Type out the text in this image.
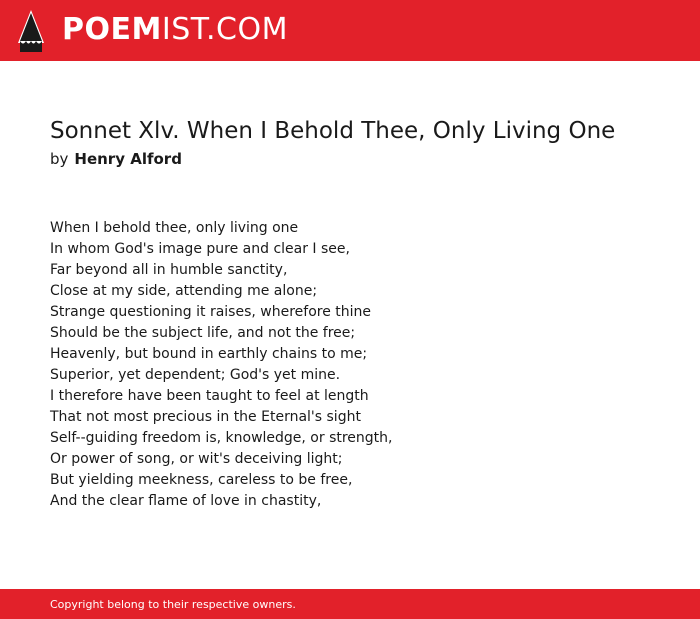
POEMIST.COM
Sonnet Xlv. When I Behold Thee, Only Living One
by Henry Alford
When I behold thee, only living one
In whom God's image pure and clear I see,
Far beyond all in humble sanctity,
Close at my side, attending me alone;
Strange questioning it raises, wherefore thine
Should be the subject life, and not the free;
Heavenly, but bound in earthly chains to me;
Superior, yet dependent; God's yet mine.
I therefore have been taught to feel at length
That not most precious in the Eternal's sight
Self--guiding freedom is, knowledge, or strength,
Or power of song, or wit's deceiving light;
But yielding meekness, careless to be free,
And the clear flame of love in chastity,
Copyright belong to their respective owners.
